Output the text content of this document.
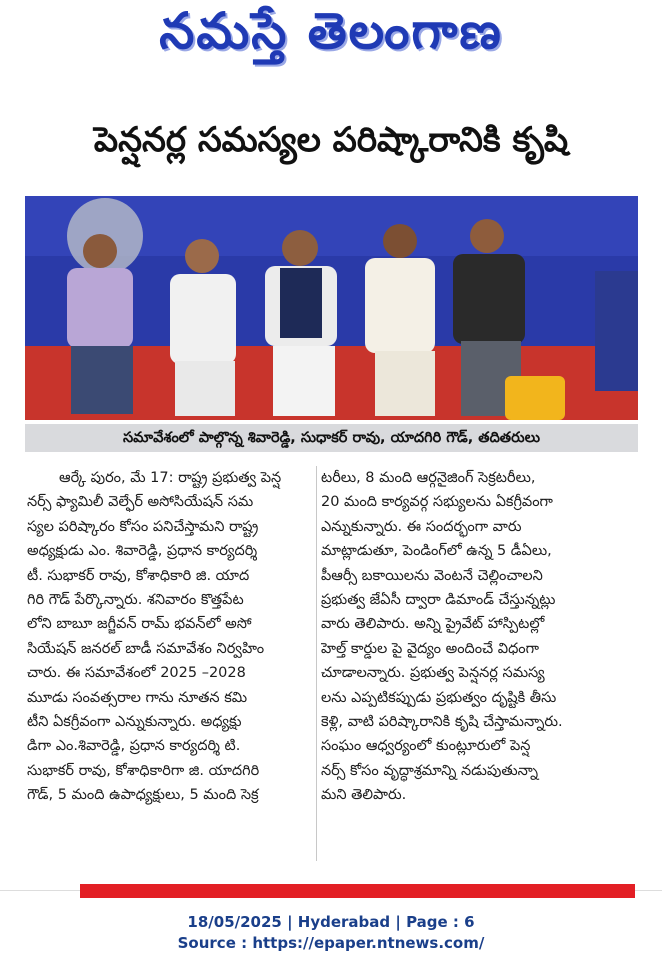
నమస్తే తెలంగాణ
పెన్షనర్ల సమస్యల పరిష్కారానికి కృషి
సమావేశంలో పాల్గొన్న శివారెడ్డి, సుధాకర్ రావు, యాదగిరి గౌడ్, తదితరులు
ఆర్కే పురం, మే 17: రాష్ట్ర ప్రభుత్వ పెన్ష
నర్స్ ఫ్యామిలీ వెల్ఫేర్ అసోసియేషన్ సమ
స్యల పరిష్కారం కోసం పనిచేస్తామని రాష్ట్ర
అధ్యక్షుడు ఎం. శివారెడ్డి, ప్రధాన కార్యదర్శి
టీ. సుభాకర్ రావు, కోశాధికారి జి. యాద
గిరి గౌడ్ పేర్కొన్నారు. శనివారం కొత్తపేట
లోని బాబూ జగ్జీవన్ రామ్ భవన్‌లో అసో
సియేషన్ జనరల్ బాడీ సమావేశం నిర్వహిం
చారు. ఈ సమావేశంలో 2025 –2028
మూడు సంవత్సరాల గాను నూతన కమి
టీని ఏకగ్రీవంగా ఎన్నుకున్నారు. అధ్యక్షు
డిగా ఎం.శివారెడ్డి, ప్రధాన కార్యదర్శి టి.
సుభాకర్ రావు, కోశాధికారిగా జి. యాదగిరి
గౌడ్, 5 మంది ఉపాధ్యక్షులు, 5 మంది సెక్ర
టరీలు, 8 మంది ఆర్గనైజింగ్ సెక్రటరీలు,
20 మంది కార్యవర్గ సభ్యులను ఏకగ్రీవంగా
ఎన్నుకున్నారు. ఈ సందర్భంగా వారు
మాట్లాడుతూ, పెండింగ్‌లో ఉన్న 5 డీఏలు,
పీఆర్సీ బకాయిలను వెంటనే చెల్లించాలని
ప్రభుత్వ జేఏసీ ద్వారా డిమాండ్ చేస్తున్నట్లు
వారు తెలిపారు. అన్ని ప్రైవేట్ హాస్పిటల్లో
హెల్త్ కార్డుల పై వైద్యం అందించే విధంగా
చూడాలన్నారు. ప్రభుత్వ పెన్షనర్ల సమస్య
లను ఎప్పటికప్పుడు ప్రభుత్వం దృష్టికి తీసు
కెళ్లి, వాటి పరిష్కారానికి కృషి చేస్తామన్నారు.
సంఘం ఆధ్వర్యంలో కుంట్లూరులో పెన్ష
నర్స్ కోసం వృద్ధాశ్రమాన్ని నడుపుతున్నా
మని తెలిపారు.
18/05/2025 | Hyderabad | Page : 6
Source : https://epaper.ntnews.com/
